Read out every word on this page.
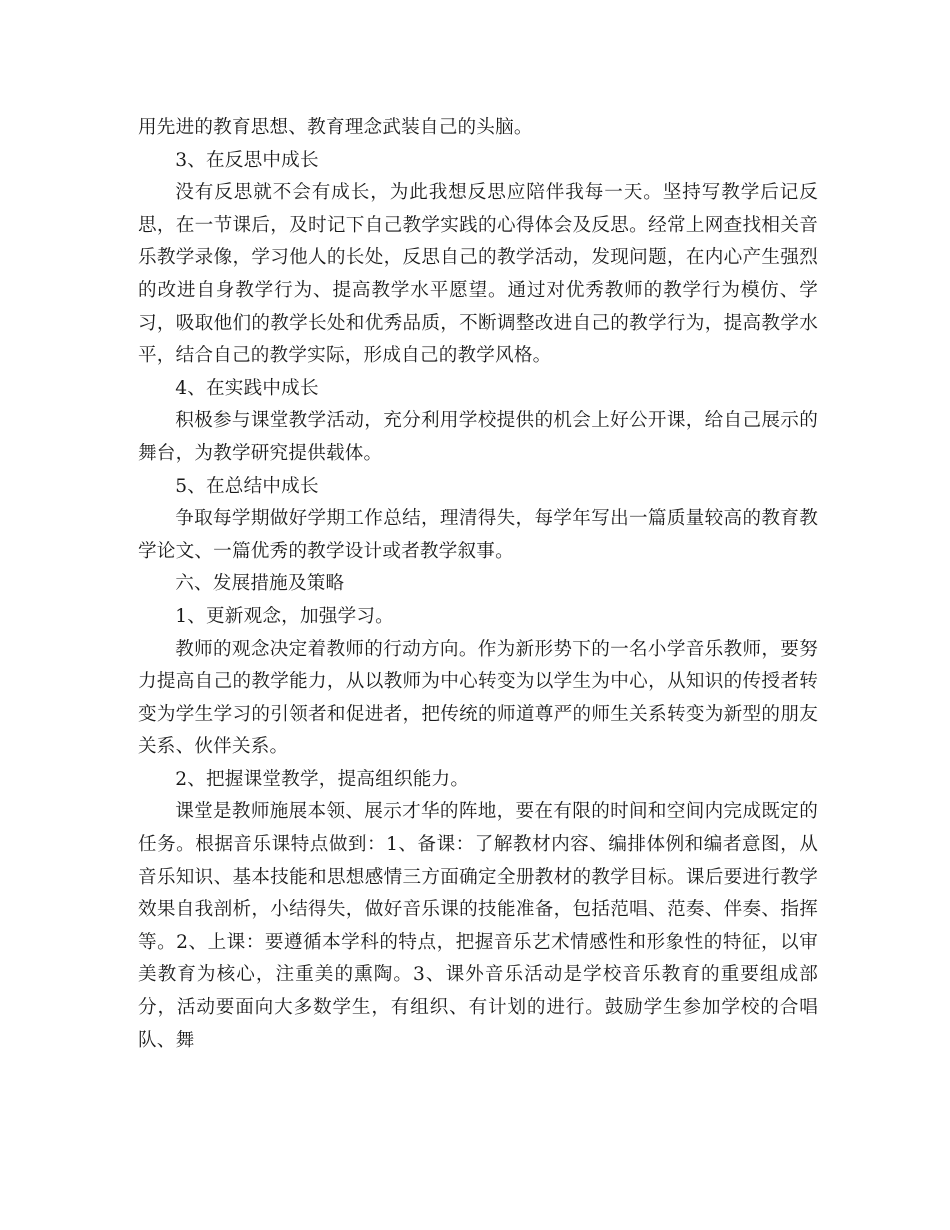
用先进的教育思想、教育理念武装自己的头脑。

3、在反思中成长

没有反思就不会有成长，为此我想反思应陪伴我每一天。坚持写教学后记反思，在一节课后，及时记下自己教学实践的心得体会及反思。经常上网查找相关音乐教学录像，学习他人的长处，反思自己的教学活动，发现问题，在内心产生强烈的改进自身教学行为、提高教学水平愿望。通过对优秀教师的教学行为模仿、学习，吸取他们的教学长处和优秀品质，不断调整改进自己的教学行为，提高教学水平，结合自己的教学实际，形成自己的教学风格。

4、在实践中成长

积极参与课堂教学活动，充分利用学校提供的机会上好公开课，给自己展示的舞台，为教学研究提供载体。

5、在总结中成长

争取每学期做好学期工作总结，理清得失，每学年写出一篇质量较高的教育教学论文、一篇优秀的教学设计或者教学叙事。

六、发展措施及策略

1、更新观念，加强学习。

教师的观念决定着教师的行动方向。作为新形势下的一名小学音乐教师，要努力提高自己的教学能力，从以教师为中心转变为以学生为中心，从知识的传授者转变为学生学习的引领者和促进者，把传统的师道尊严的师生关系转变为新型的朋友关系、伙伴关系。

2、把握课堂教学，提高组织能力。

课堂是教师施展本领、展示才华的阵地，要在有限的时间和空间内完成既定的任务。根据音乐课特点做到：1、备课：了解教材内容、编排体例和编者意图，从音乐知识、基本技能和思想感情三方面确定全册教材的教学目标。课后要进行教学效果自我剖析，小结得失，做好音乐课的技能准备，包括范唱、范奏、伴奏、指挥等。2、上课：要遵循本学科的特点，把握音乐艺术情感性和形象性的特征，以审美教育为核心，注重美的熏陶。3、课外音乐活动是学校音乐教育的重要组成部分，活动要面向大多数学生，有组织、有计划的进行。鼓励学生参加学校的合唱队、舞
